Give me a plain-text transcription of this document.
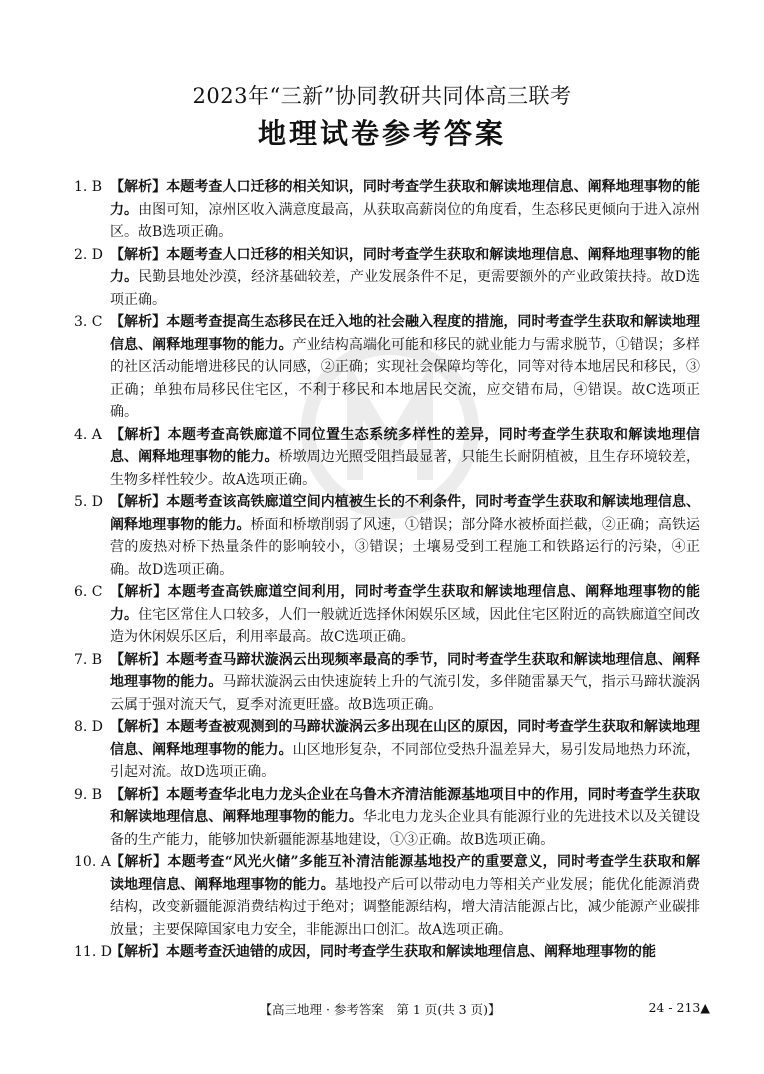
2023年“三新”协同教研共同体高三联考
地理试卷参考答案
1. B 【解析】本题考查人口迁移的相关知识，同时考查学生获取和解读地理信息、阐释地理事物的能力。由图可知，凉州区收入满意度最高，从获取高薪岗位的角度看，生态移民更倾向于进入凉州区。故B选项正确。
2. D 【解析】本题考查人口迁移的相关知识，同时考查学生获取和解读地理信息、阐释地理事物的能力。民勤县地处沙漠，经济基础较差，产业发展条件不足，更需要额外的产业政策扶持。故D选项正确。
3. C 【解析】本题考查提高生态移民在迁入地的社会融入程度的措施，同时考查学生获取和解读地理信息、阐释地理事物的能力。产业结构高端化可能和移民的就业能力与需求脱节，①错误；多样的社区活动能增进移民的认同感，②正确；实现社会保障均等化，同等对待本地居民和移民，③正确；单独布局移民住宅区，不利于移民和本地居民交流，应交错布局，④错误。故C选项正确。
4. A 【解析】本题考查高铁廊道不同位置生态系统多样性的差异，同时考查学生获取和解读地理信息、阐释地理事物的能力。桥墩周边光照受阻挡最显著，只能生长耐阴植被，且生存环境较差，生物多样性较少。故A选项正确。
5. D 【解析】本题考查该高铁廊道空间内植被生长的不利条件，同时考查学生获取和解读地理信息、阐释地理事物的能力。桥面和桥墩削弱了风速，①错误；部分降水被桥面拦截，②正确；高铁运营的废热对桥下热量条件的影响较小，③错误；土壤易受到工程施工和铁路运行的污染，④正确。故D选项正确。
6. C 【解析】本题考查高铁廊道空间利用，同时考查学生获取和解读地理信息、阐释地理事物的能力。住宅区常住人口较多，人们一般就近选择休闲娱乐区域，因此住宅区附近的高铁廊道空间改造为休闲娱乐区后，利用率最高。故C选项正确。
7. B 【解析】本题考查马蹄状漩涡云出现频率最高的季节，同时考查学生获取和解读地理信息、阐释地理事物的能力。马蹄状漩涡云由快速旋转上升的气流引发，多伴随雷暴天气，指示马蹄状漩涡云属于强对流天气，夏季对流更旺盛。故B选项正确。
8. D 【解析】本题考查被观测到的马蹄状漩涡云多出现在山区的原因，同时考查学生获取和解读地理信息、阐释地理事物的能力。山区地形复杂，不同部位受热升温差异大，易引发局地热力环流，引起对流。故D选项正确。
9. B 【解析】本题考查华北电力龙头企业在乌鲁木齐清洁能源基地项目中的作用，同时考查学生获取和解读地理信息、阐释地理事物的能力。华北电力龙头企业具有能源行业的先进技术以及关键设备的生产能力，能够加快新疆能源基地建设，①③正确。故B选项正确。
10. A 【解析】本题考查“风光火储”多能互补清洁能源基地投产的重要意义，同时考查学生获取和解读地理信息、阐释地理事物的能力。基地投产后可以带动电力等相关产业发展；能优化能源消费结构，改变新疆能源消费结构过于绝对；调整能源结构，增大清洁能源占比，减少能源产业碳排放量；主要保障国家电力安全，非能源出口创汇。故A选项正确。
11. D
【解析】本题考查沃迪错的成因，同时考查学生获取和解读地理信息、阐释地理事物的能
【高三地理 · 参考答案　第 1 页(共 3 页)】	24 - 213▲
